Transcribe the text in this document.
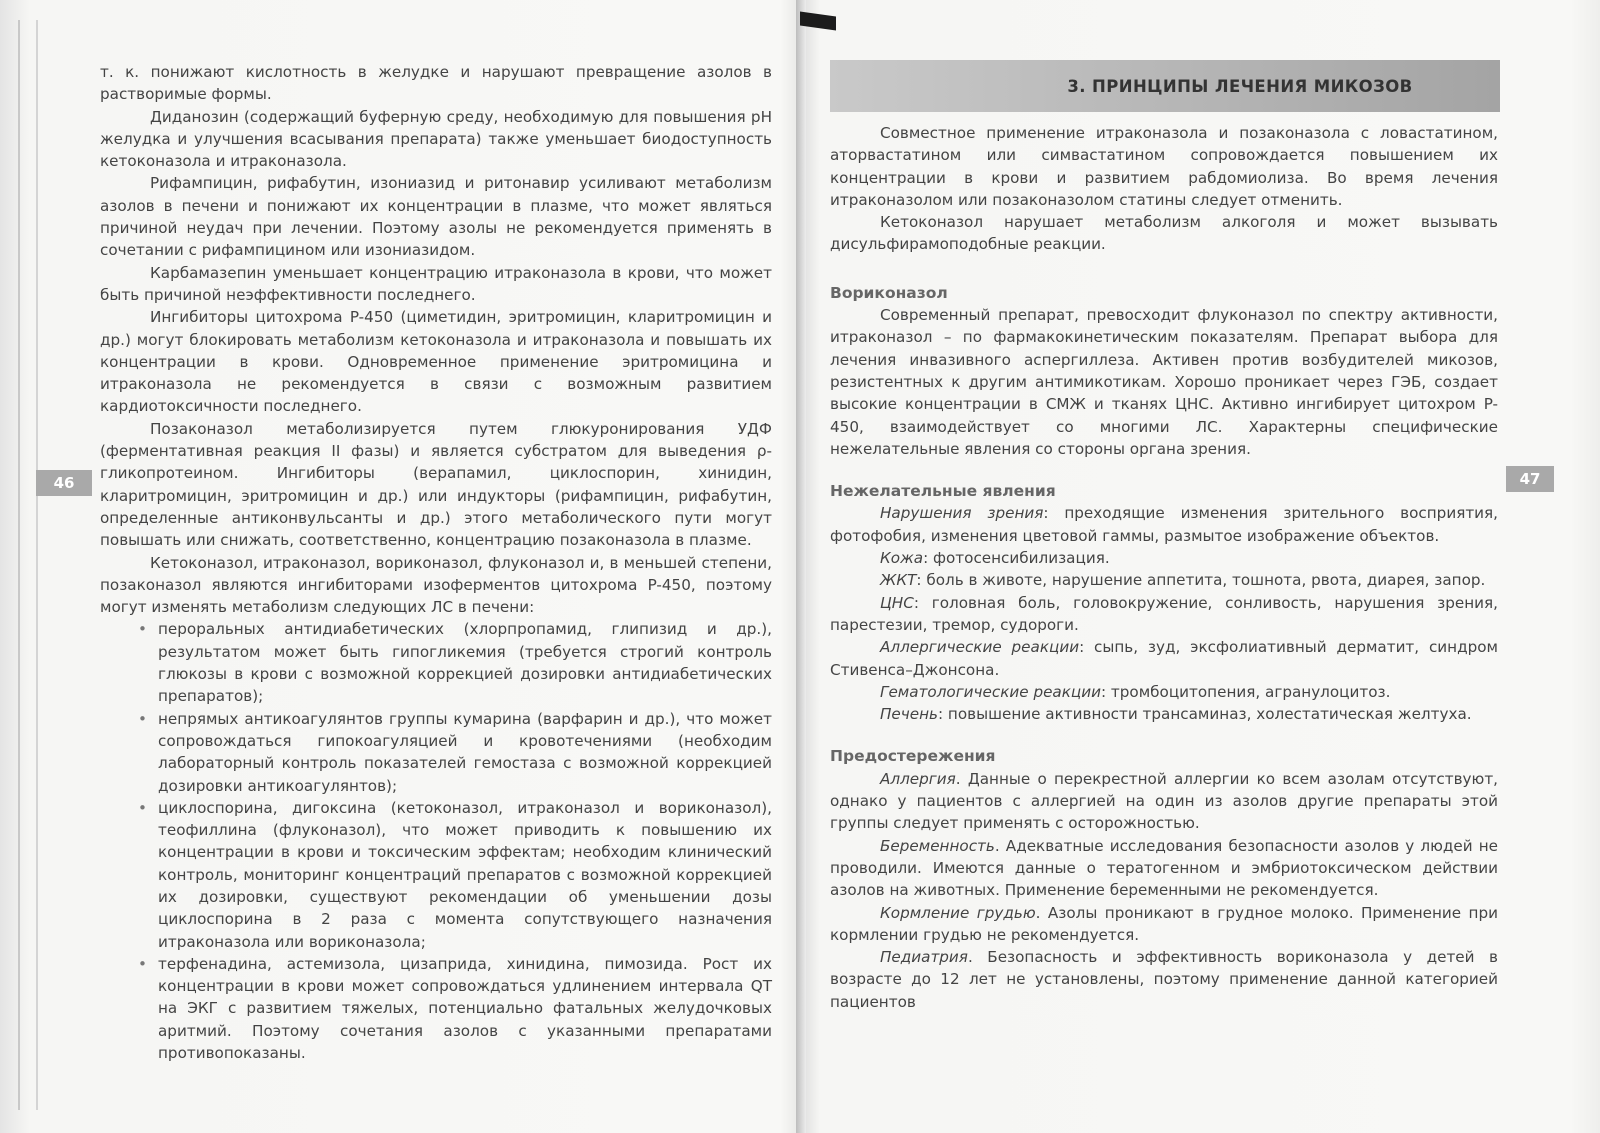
т. к. понижают кислотность в желудке и нарушают превращение азолов в растворимые формы.

Диданозин (содержащий буферную среду, необходимую для повышения pH желудка и улучшения всасывания препарата) также уменьшает биодоступность кетоконазола и итраконазола.

Рифампицин, рифабутин, изониазид и ритонавир усиливают метаболизм азолов в печени и понижают их концентрации в плазме, что может являться причиной неудач при лечении. Поэтому азолы не рекомендуется применять в сочетании с рифампицином или изониазидом.

Карбамазепин уменьшает концентрацию итраконазола в крови, что может быть причиной неэффективности последнего.

Ингибиторы цитохрома P-450 (циметидин, эритромицин, кларитромицин и др.) могут блокировать метаболизм кетоконазола и итраконазола и повышать их концентрации в крови. Одновременное применение эритромицина и итраконазола не рекомендуется в связи с возможным развитием кардиотоксичности последнего.

Позаконазол метаболизируется путем глюкуронирования УДФ (ферментативная реакция II фазы) и является субстратом для выведения ρ-гликопротеином. Ингибиторы (верапамил, циклоспорин, хинидин, кларитромицин, эритромицин и др.) или индукторы (рифампицин, рифабутин, определенные антиконвульсанты и др.) этого метаболического пути могут повышать или снижать, соответственно, концентрацию позаконазола в плазме.

Кетоконазол, итраконазол, вориконазол, флуконазол и, в меньшей степени, позаконазол являются ингибиторами изоферментов цитохрома P-450, поэтому могут изменять метаболизм следующих ЛС в печени:

• пероральных антидиабетических (хлорпропамид, глипизид и др.), результатом может быть гипогликемия (требуется строгий контроль глюкозы в крови с возможной коррекцией дозировки антидиабетических препаратов);
• непрямых антикоагулянтов группы кумарина (варфарин и др.), что может сопровождаться гипокоагуляцией и кровотечениями (необходим лабораторный контроль показателей гемостаза с возможной коррекцией дозировки антикоагулянтов);
• циклоспорина, дигоксина (кетоконазол, итраконазол и вориконазол), теофиллина (флуконазол), что может приводить к повышению их концентрации в крови и токсическим эффектам; необходим клинический контроль, мониторинг концентраций препаратов с возможной коррекцией их дозировки, существуют рекомендации об уменьшении дозы циклоспорина в 2 раза с момента сопутствующего назначения итраконазола или вориконазола;
• терфенадина, астемизола, цизаприда, хинидина, пимозида. Рост их концентрации в крови может сопровождаться удлинением интервала QT на ЭКГ с развитием тяжелых, потенциально фатальных желудочковых аритмий. Поэтому сочетания азолов с указанными препаратами противопоказаны.
46
3. ПРИНЦИПЫ ЛЕЧЕНИЯ МИКОЗОВ

Совместное применение итраконазола и позаконазола с ловастатином, аторвастатином или симвастатином сопровождается повышением их концентрации в крови и развитием рабдомиолиза. Во время лечения итраконазолом или позаконазолом статины следует отменить.

Кетоконазол нарушает метаболизм алкоголя и может вызывать дисульфирамоподобные реакции.

Вориконазол

Современный препарат, превосходит флуконазол по спектру активности, итраконазол – по фармакокинетическим показателям. Препарат выбора для лечения инвазивного аспергиллеза. Активен против возбудителей микозов, резистентных к другим антимикотикам. Хорошо проникает через ГЭБ, создает высокие концентрации в СМЖ и тканях ЦНС. Активно ингибирует цитохром P-450, взаимодействует со многими ЛС. Характерны специфические нежелательные явления со стороны органа зрения.

Нежелательные явления

Нарушения зрения: преходящие изменения зрительного восприятия, фотофобия, изменения цветовой гаммы, размытое изображение объектов.

Кожа: фотосенсибилизация.

ЖКТ: боль в животе, нарушение аппетита, тошнота, рвота, диарея, запор.

ЦНС: головная боль, головокружение, сонливость, нарушения зрения, парестезии, тремор, судороги.

Аллергические реакции: сыпь, зуд, эксфолиативный дерматит, синдром Стивенса–Джонсона.

Гематологические реакции: тромбоцитопения, агранулоцитоз.

Печень: повышение активности трансаминаз, холестатическая желтуха.

Предостережения

Аллергия. Данные о перекрестной аллергии ко всем азолам отсутствуют, однако у пациентов с аллергией на один из азолов другие препараты этой группы следует применять с осторожностью.

Беременность. Адекватные исследования безопасности азолов у людей не проводили. Имеются данные о тератогенном и эмбриотоксическом действии азолов на животных. Применение беременными не рекомендуется.

Кормление грудью. Азолы проникают в грудное молоко. Применение при кормлении грудью не рекомендуется.

Педиатрия. Безопасность и эффективность вориконазола у детей в возрасте до 12 лет не установлены, поэтому применение данной категорией пациентов

47
